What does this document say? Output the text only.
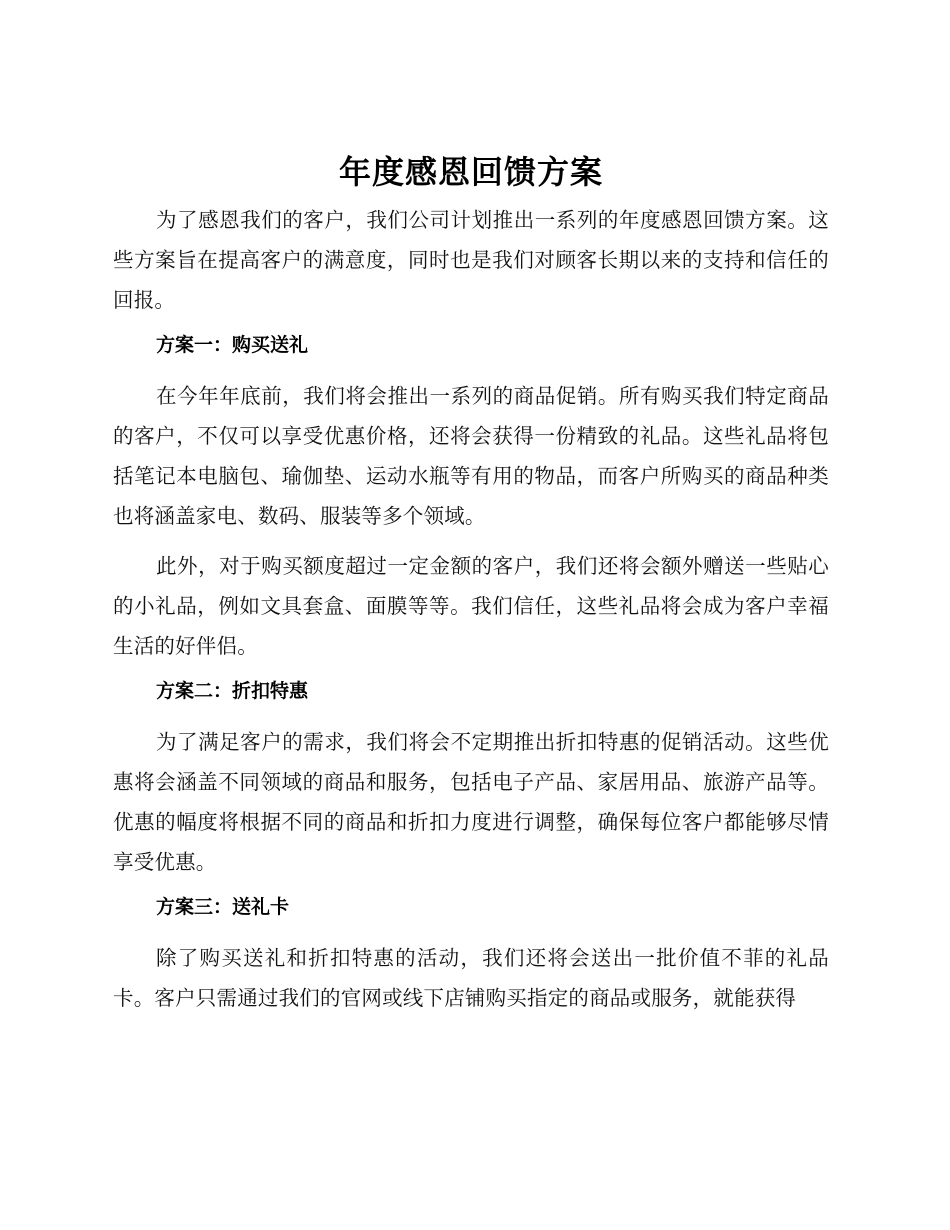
年度感恩回馈方案

为了感恩我们的客户，我们公司计划推出一系列的年度感恩回馈方案。这些方案旨在提高客户的满意度，同时也是我们对顾客长期以来的支持和信任的回报。

方案一：购买送礼

在今年年底前，我们将会推出一系列的商品促销。所有购买我们特定商品的客户，不仅可以享受优惠价格，还将会获得一份精致的礼品。这些礼品将包括笔记本电脑包、瑜伽垫、运动水瓶等有用的物品，而客户所购买的商品种类也将涵盖家电、数码、服装等多个领域。

此外，对于购买额度超过一定金额的客户，我们还将会额外赠送一些贴心的小礼品，例如文具套盒、面膜等等。我们信任，这些礼品将会成为客户幸福生活的好伴侣。

方案二：折扣特惠

为了满足客户的需求，我们将会不定期推出折扣特惠的促销活动。这些优惠将会涵盖不同领域的商品和服务，包括电子产品、家居用品、旅游产品等。优惠的幅度将根据不同的商品和折扣力度进行调整，确保每位客户都能够尽情享受优惠。

方案三：送礼卡

除了购买送礼和折扣特惠的活动，我们还将会送出一批价值不菲的礼品卡。客户只需通过我们的官网或线下店铺购买指定的商品或服务，就能获得
